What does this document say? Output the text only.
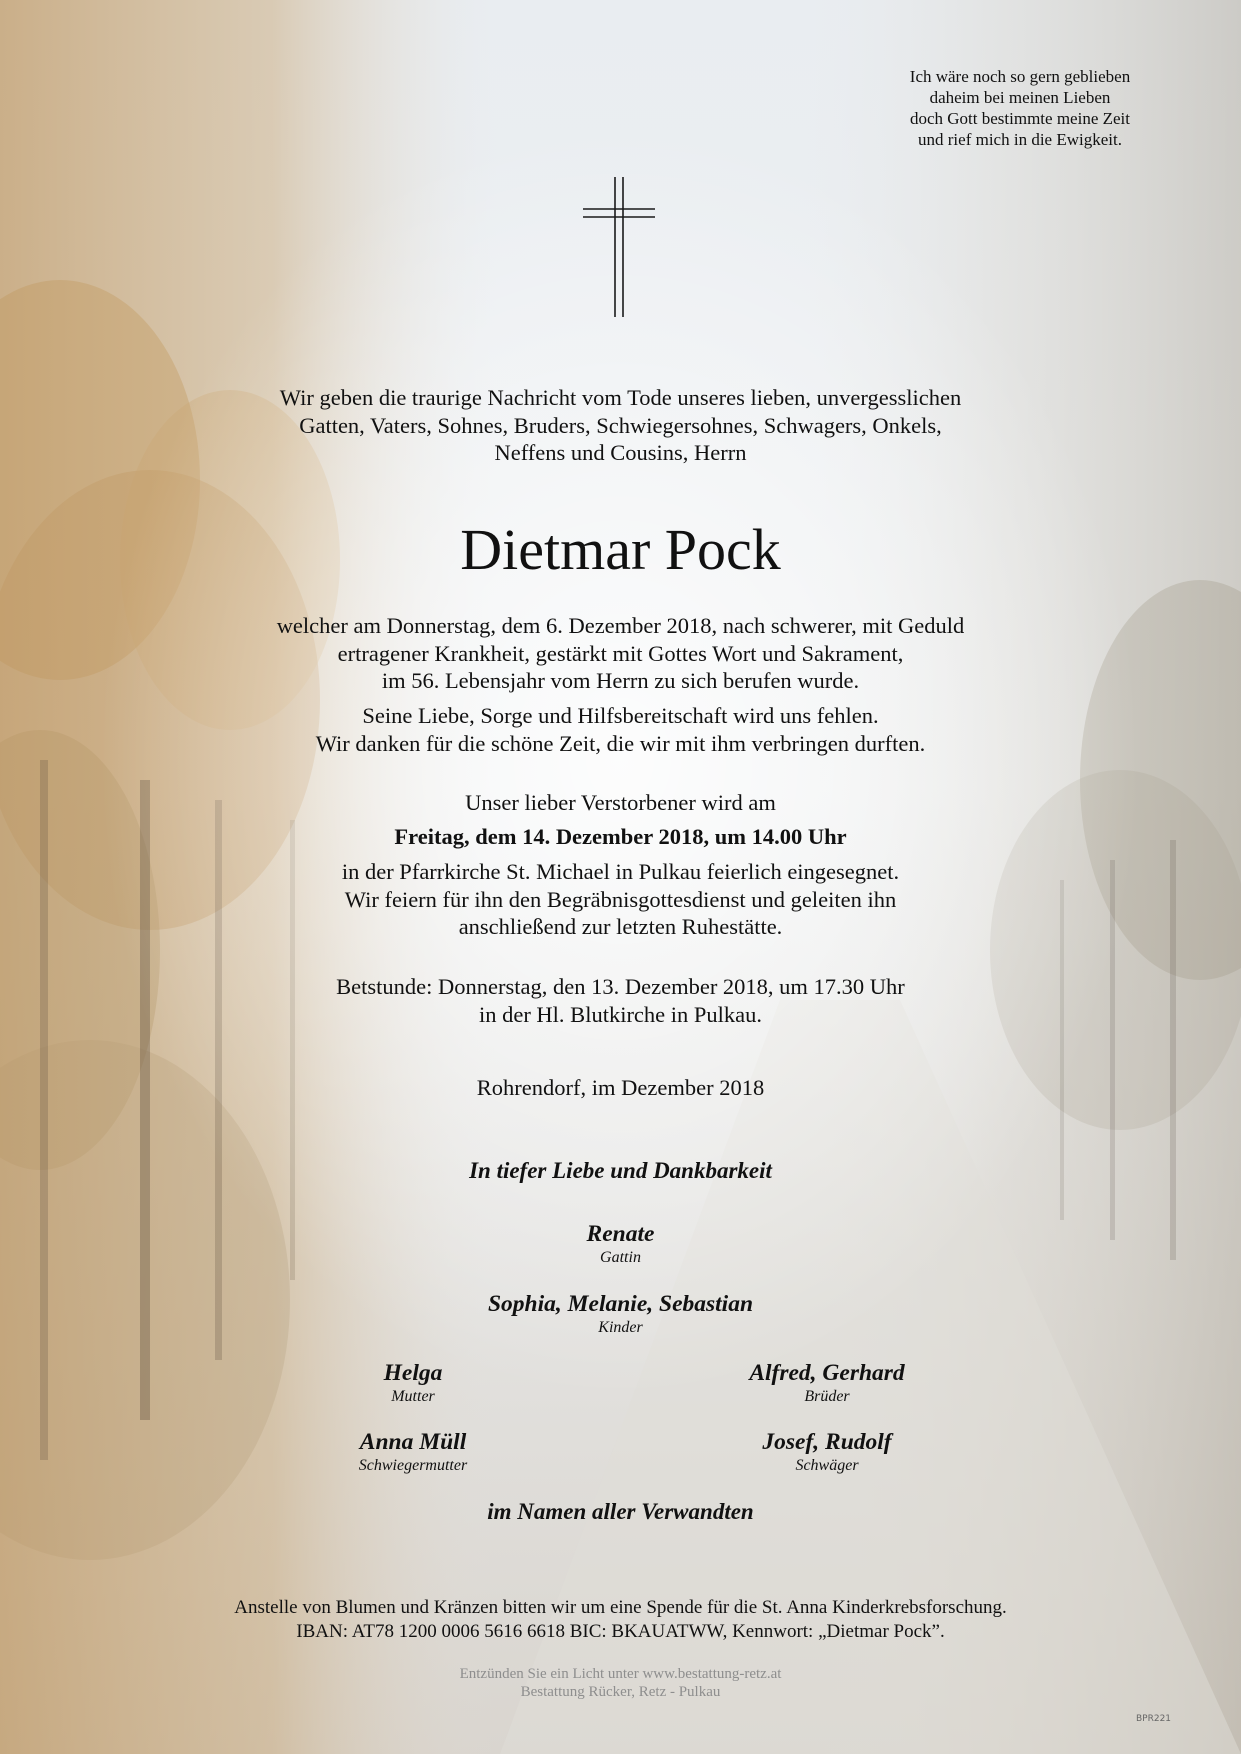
Ich wäre noch so gern geblieben
daheim bei meinen Lieben
doch Gott bestimmte meine Zeit
und rief mich in die Ewigkeit.
Wir geben die traurige Nachricht vom Tode unseres lieben, unvergesslichen
Gatten, Vaters, Sohnes, Bruders, Schwiegersohnes, Schwagers, Onkels,
Neffens und Cousins, Herrn
Dietmar Pock
welcher am Donnerstag, dem 6. Dezember 2018, nach schwerer, mit Geduld
ertragener Krankheit, gestärkt mit Gottes Wort und Sakrament,
im 56. Lebensjahr vom Herrn zu sich berufen wurde.
Seine Liebe, Sorge und Hilfsbereitschaft wird uns fehlen.
Wir danken für die schöne Zeit, die wir mit ihm verbringen durften.
Unser lieber Verstorbener wird am
Freitag, dem 14. Dezember 2018, um 14.00 Uhr
in der Pfarrkirche St. Michael in Pulkau feierlich eingesegnet.
Wir feiern für ihn den Begräbnisgottesdienst und geleiten ihn
anschließend zur letzten Ruhestätte.
Betstunde: Donnerstag, den 13. Dezember 2018, um 17.30 Uhr
in der Hl. Blutkirche in Pulkau.
Rohrendorf, im Dezember 2018
In tiefer Liebe und Dankbarkeit
Renate
Gattin
Sophia, Melanie, Sebastian
Kinder
Helga
Mutter
Alfred, Gerhard
Brüder
Anna Müll
Schwiegermutter
Josef, Rudolf
Schwäger
im Namen aller Verwandten
Anstelle von Blumen und Kränzen bitten wir um eine Spende für die St. Anna Kinderkrebsforschung.
IBAN: AT78 1200 0006 5616 6618 BIC: BKAUATWW, Kennwort: „Dietmar Pock”.
Entzünden Sie ein Licht unter www.bestattung-retz.at
Bestattung Rücker, Retz - Pulkau
BPR221
